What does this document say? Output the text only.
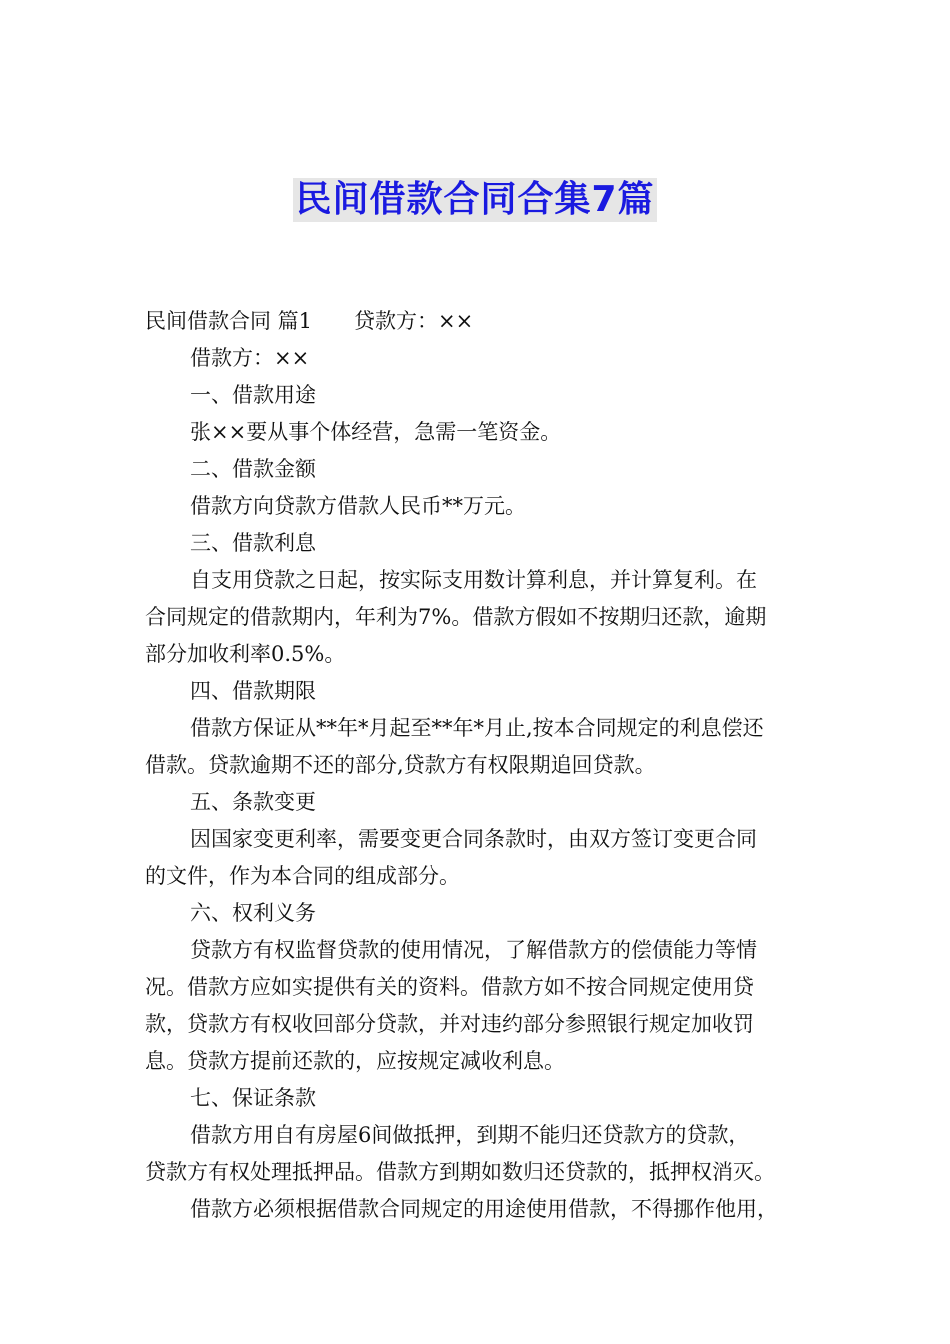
民间借款合同合集7篇
民间借款合同 篇1 贷款方：××
借款方：××
一、借款用途
张××要从事个体经营，急需一笔资金。
二、借款金额
借款方向贷款方借款人民币**万元。
三、借款利息
自支用贷款之日起，按实际支用数计算利息，并计算复利。在
合同规定的借款期内，年利为7%。借款方假如不按期归还款，逾期
部分加收利率0.5%。
四、借款期限
借款方保证从**年*月起至**年*月止,按本合同规定的利息偿还
借款。贷款逾期不还的部分,贷款方有权限期追回贷款。
五、条款变更
因国家变更利率，需要变更合同条款时，由双方签订变更合同
的文件，作为本合同的组成部分。
六、权利义务
贷款方有权监督贷款的使用情况，了解借款方的偿债能力等情
况。借款方应如实提供有关的资料。借款方如不按合同规定使用贷
款，贷款方有权收回部分贷款，并对违约部分参照银行规定加收罚
息。贷款方提前还款的，应按规定减收利息。
七、保证条款
借款方用自有房屋6间做抵押，到期不能归还贷款方的贷款，
贷款方有权处理抵押品。借款方到期如数归还贷款的，抵押权消灭。
借款方必须根据借款合同规定的用途使用借款，不得挪作他用，
